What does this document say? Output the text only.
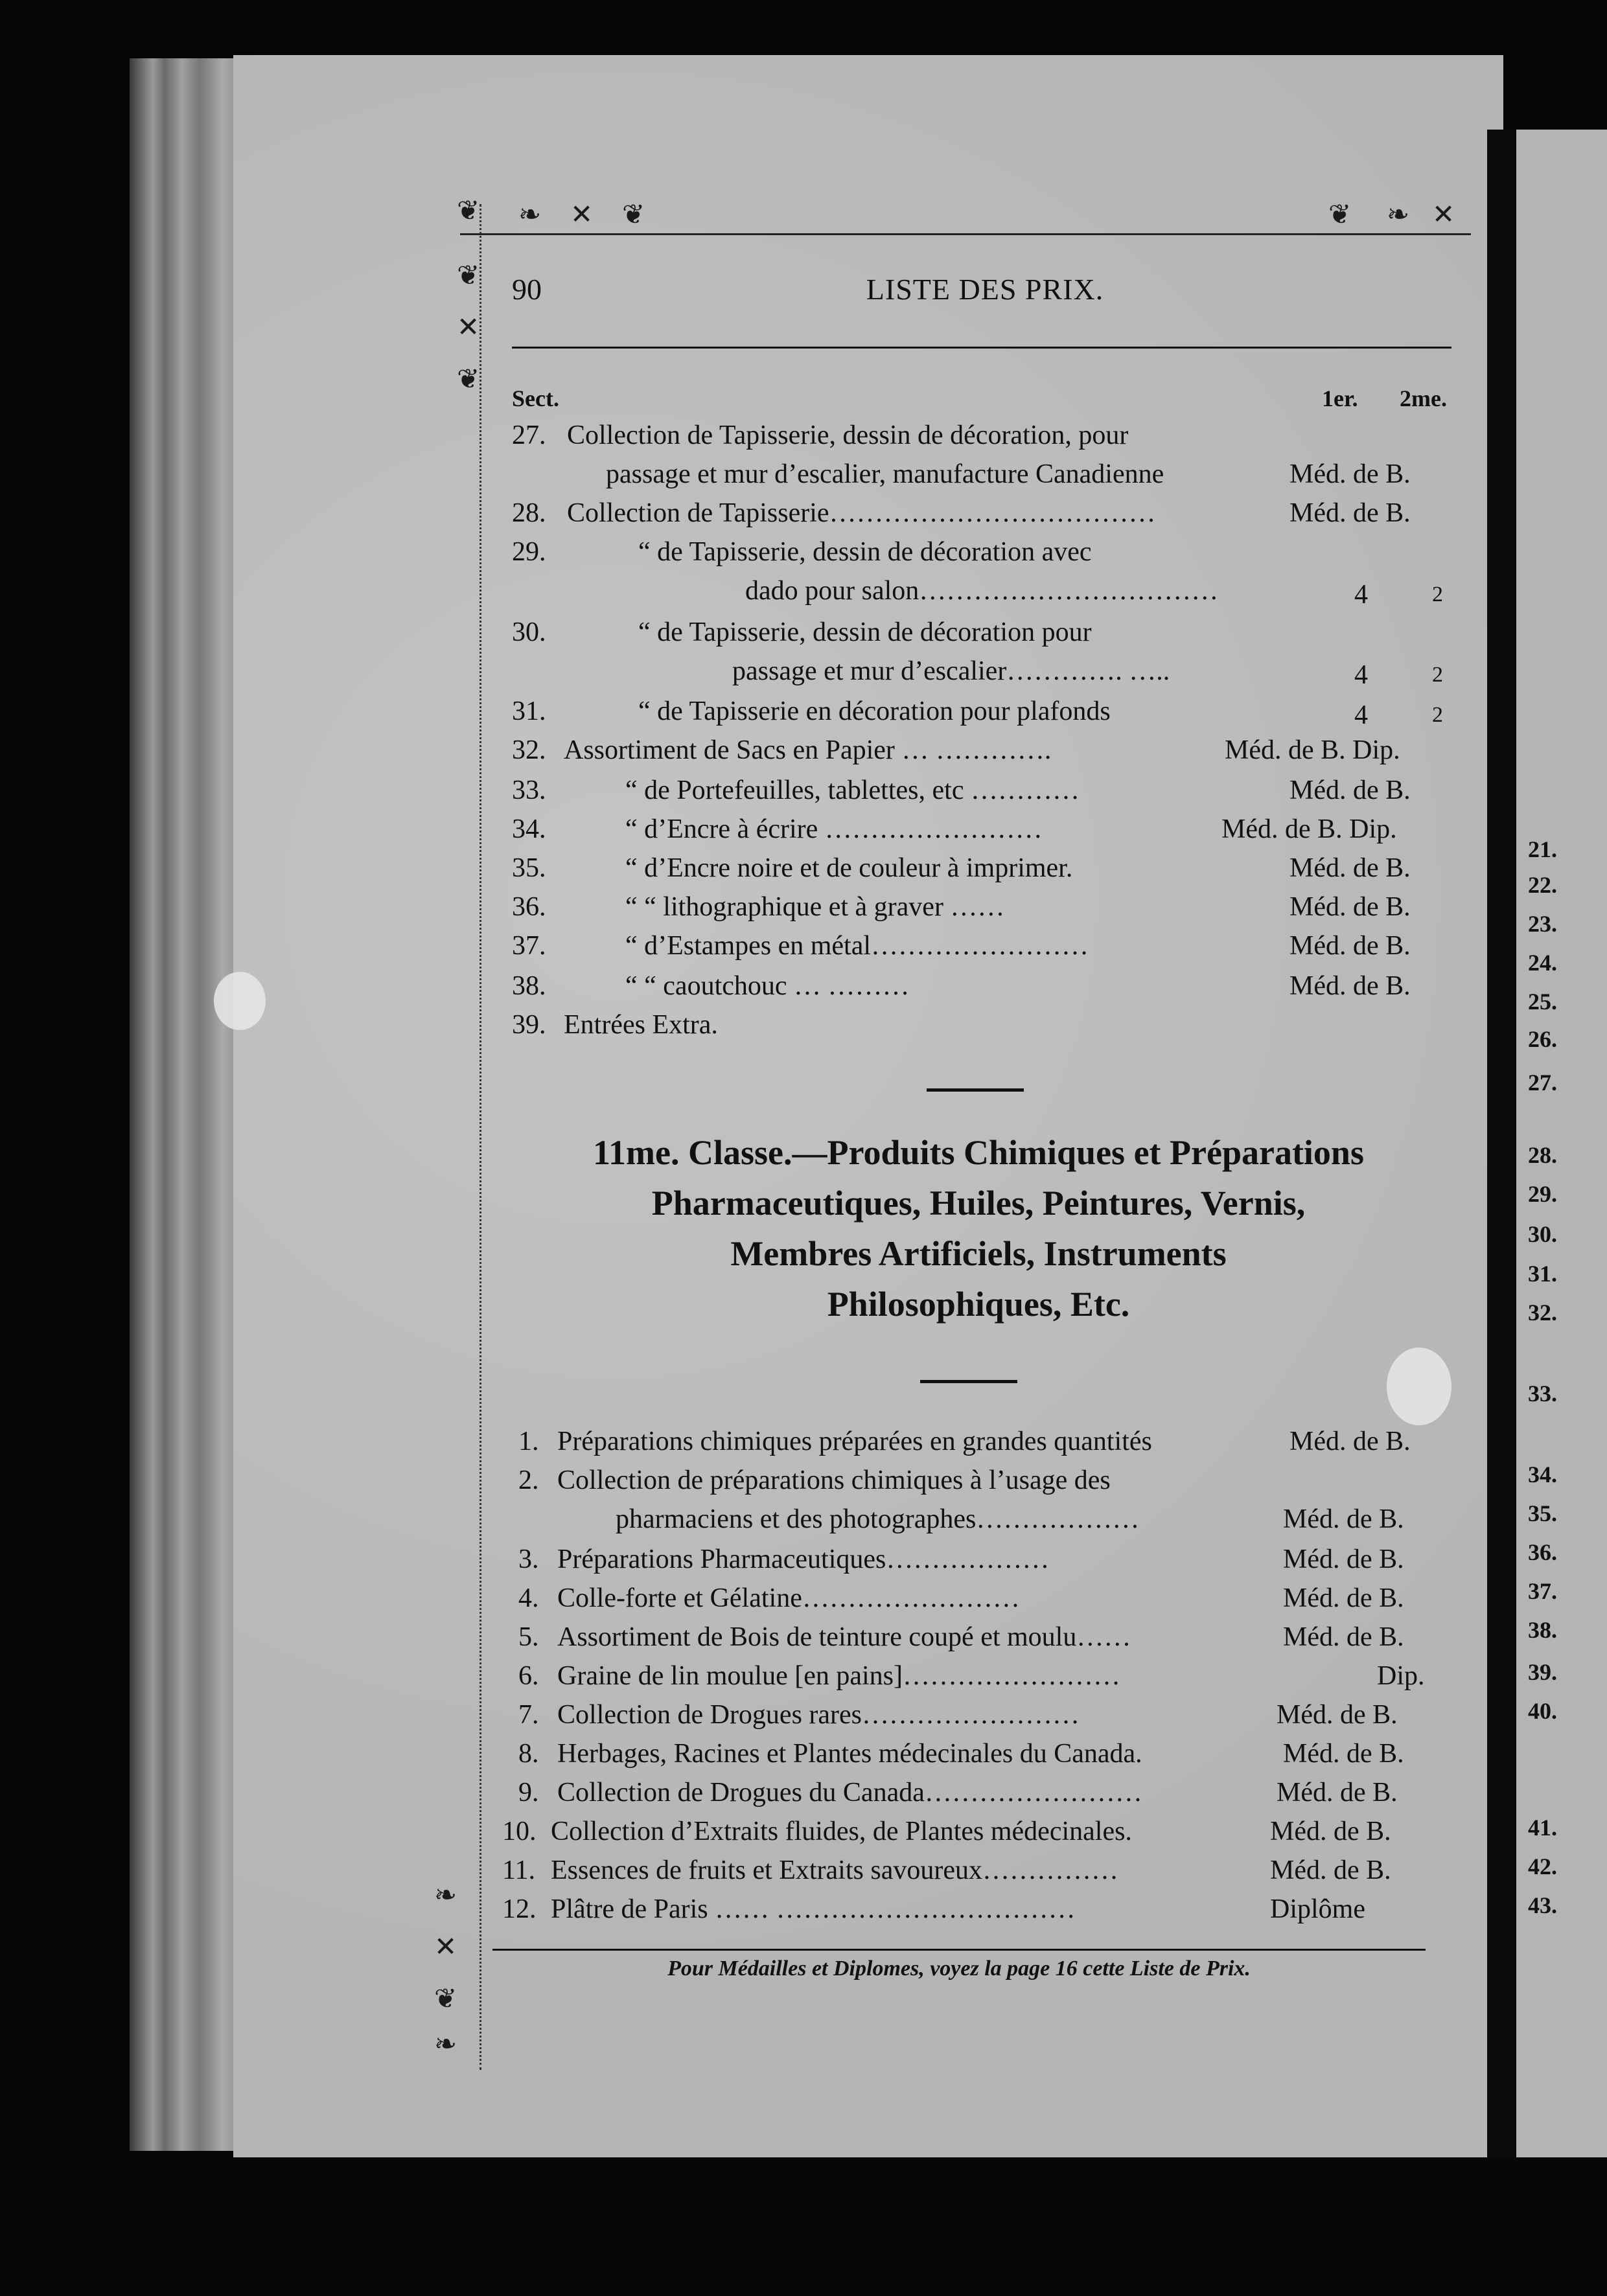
❦ ❧ ✕ ❦	❦ ❧ ✕
❦
✕
❦
❧
✕
❦
❧
90	LISTE DES PRIX.
Sect.	1er. 2me.
27. Collection de Tapisserie, dessin de décoration, pour
passage et mur d’escalier, manufacture Canadienne	Méd. de B.
28. Collection de Tapisserie………………………………	Méd. de B.
29.	“ de Tapisserie, dessin de décoration avec
dado pour salon……………………………	4	2
30.	“ de Tapisserie, dessin de décoration pour
passage et mur d’escalier…………. …..	4	2
31.	“ de Tapisserie en décoration pour plafonds	4	2
32. Assortiment de Sacs en Papier … ………….	Méd. de B. Dip.
33.	“ de Portefeuilles, tablettes, etc …………	Méd. de B.
34.	“ d’Encre à écrire ……………………	Méd. de B. Dip.
35.	“ d’Encre noire et de couleur à imprimer.	Méd. de B.
36.	“ “ lithographique et à graver ……	Méd. de B.
37.	“ d’Estampes en métal……………………	Méd. de B.
38.	“ “ caoutchouc … ………	Méd. de B.
39. Entrées Extra.
11me. Classe.—Produits Chimiques et Préparations
Pharmaceutiques, Huiles, Peintures, Vernis,
Membres Artificiels, Instruments
Philosophiques, Etc.
1. Préparations chimiques préparées en grandes quantités	Méd. de B.
2. Collection de préparations chimiques à l’usage des
pharmaciens et des photographes………………	Méd. de B.
3. Préparations Pharmaceutiques………………	Méd. de B.
4. Colle-forte et Gélatine……………………	Méd. de B.
5. Assortiment de Bois de teinture coupé et moulu……	Méd. de B.
6. Graine de lin moulue [en pains]……………………	Dip.
7. Collection de Drogues rares……………………	Méd. de B.
8. Herbages, Racines et Plantes médecinales du Canada.	Méd. de B.
9. Collection de Drogues du Canada……………………	Méd. de B.
10. Collection d’Extraits fluides, de Plantes médecinales.	Méd. de B.
11. Essences de fruits et Extraits savoureux……………	Méd. de B.
12. Plâtre de Paris …… ……………………………	Diplôme
Pour Médailles et Diplomes, voyez la page 16 cette Liste de Prix.
21.
22.
23.
24.
25.
26.
27.
28.
29.
30.
31.
32.
33.
34.
35.
36.
37.
38.
39.
40.
41.
42.
43.
